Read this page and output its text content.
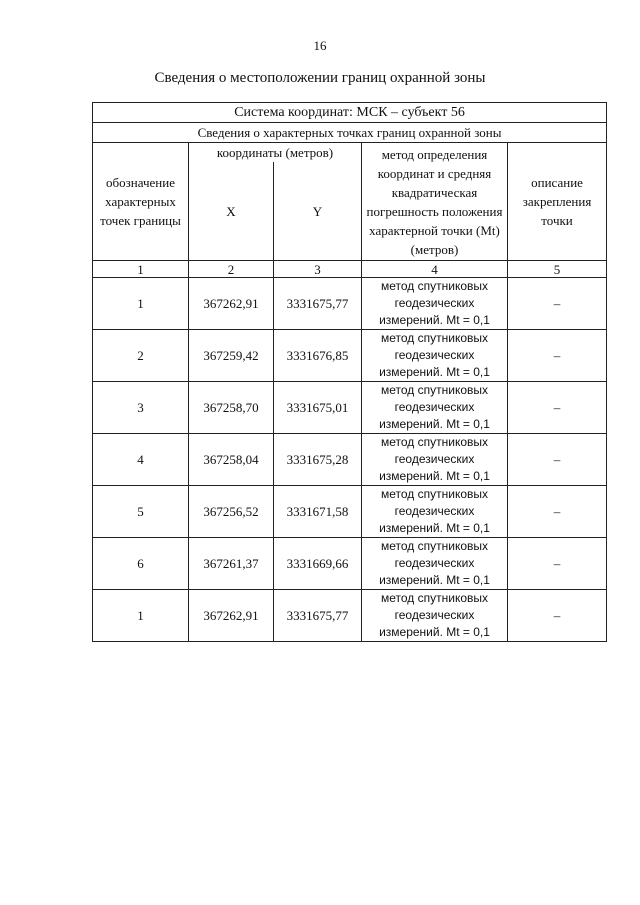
16
Сведения о местоположении границ охранной зоны
Система координат: МСК – субъект 56				
Сведения о характерных точках границ охранной зоны				
обозначение характерных точек границы	координаты (метров)		метод определения координат и средняя квадратическая погрешность положения характерной точки (Mt) (метров)	описание закрепления точки
	X	Y		
1	2	3	4	5
1	367262,91	3331675,77	метод спутниковых геодезических измерений. Mt = 0,1	–
2	367259,42	3331676,85	метод спутниковых геодезических измерений. Mt = 0,1	–
3	367258,70	3331675,01	метод спутниковых геодезических измерений. Mt = 0,1	–
4	367258,04	3331675,28	метод спутниковых геодезических измерений. Mt = 0,1	–
5	367256,52	3331671,58	метод спутниковых геодезических измерений. Mt = 0,1	–
6	367261,37	3331669,66	метод спутниковых геодезических измерений. Mt = 0,1	–
1	367262,91	3331675,77	метод спутниковых геодезических измерений. Mt = 0,1	–
